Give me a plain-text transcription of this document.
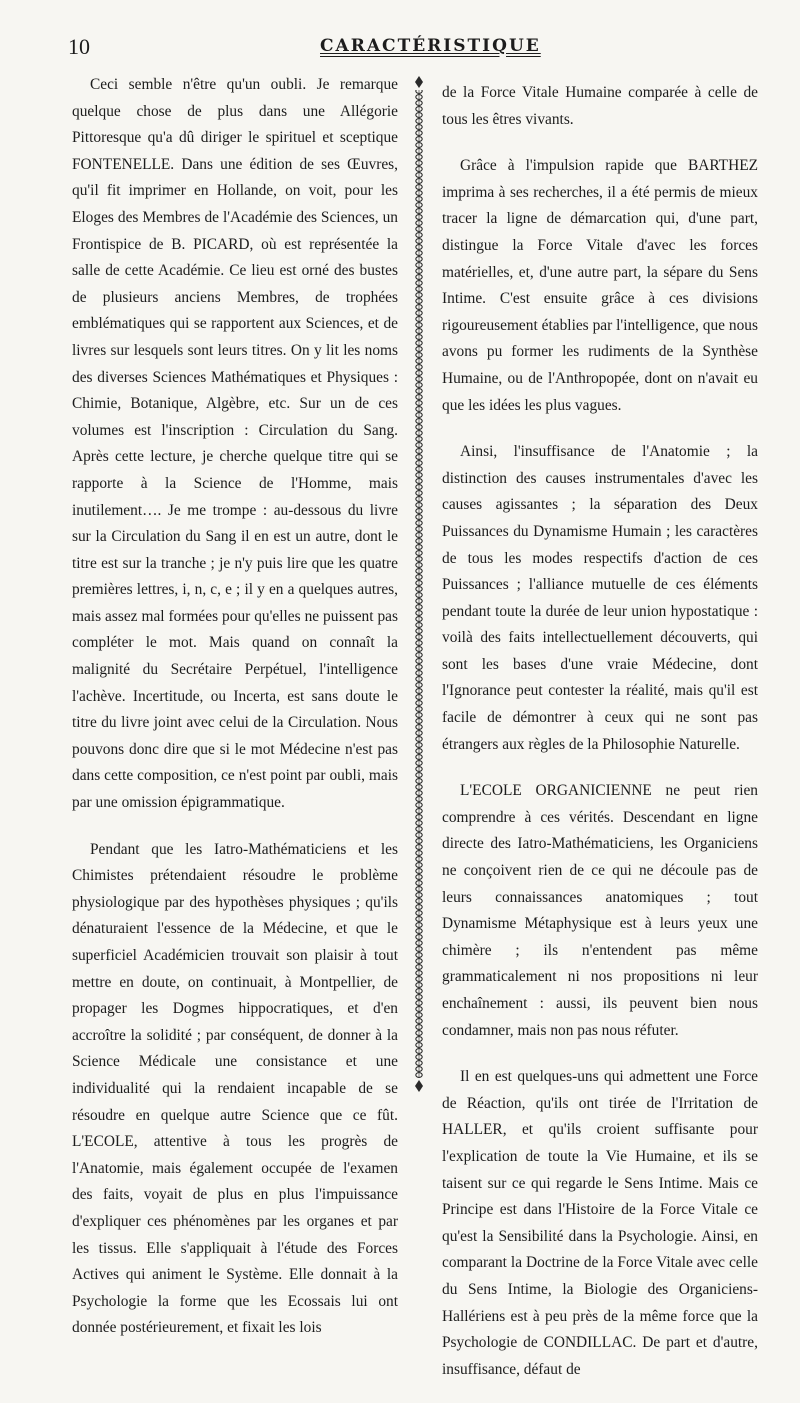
10	CARACTÉRISTIQUE

Ceci semble n'être qu'un oubli. Je remarque quelque chose de plus dans une Allégorie Pittoresque qu'a dû diriger le spirituel et sceptique FONTENELLE. Dans une édition de ses Œuvres, qu'il fit imprimer en Hollande, on voit, pour les Eloges des Membres de l'Académie des Sciences, un Frontispice de B. PICARD, où est représentée la salle de cette Académie. Ce lieu est orné des bustes de plusieurs anciens Membres, de trophées emblématiques qui se rapportent aux Sciences, et de livres sur lesquels sont leurs titres. On y lit les noms des diverses Sciences Mathématiques et Physiques : Chimie, Botanique, Algèbre, etc. Sur un de ces volumes est l'inscription : Circulation du Sang. Après cette lecture, je cherche quelque titre qui se rapporte à la Science de l'Homme, mais inutilement…. Je me trompe : au-dessous du livre sur la Circulation du Sang il en est un autre, dont le titre est sur la tranche ; je n'y puis lire que les quatre premières lettres, i, n, c, e ; il y en a quelques autres, mais assez mal formées pour qu'elles ne puissent pas compléter le mot. Mais quand on connaît la malignité du Secrétaire Perpétuel, l'intelligence l'achève. Incertitude, ou Incerta, est sans doute le titre du livre joint avec celui de la Circulation. Nous pouvons donc dire que si le mot Médecine n'est pas dans cette composition, ce n'est point par oubli, mais par une omission épigrammatique.

Pendant que les Iatro-Mathématiciens et les Chimistes prétendaient résoudre le problème physiologique par des hypothèses physiques ; qu'ils dénaturaient l'essence de la Médecine, et que le superficiel Académicien trouvait son plaisir à tout mettre en doute, on continuait, à Montpellier, de propager les Dogmes hippocratiques, et d'en accroître la solidité ; par conséquent, de donner à la Science Médicale une consistance et une individualité qui la rendaient incapable de se résoudre en quelque autre Science que ce fût. L'ECOLE, attentive à tous les progrès de l'Anatomie, mais également occupée de l'examen des faits, voyait de plus en plus l'impuissance d'expliquer ces phénomènes par les organes et par les tissus. Elle s'appliquait à l'étude des Forces Actives qui animent le Système. Elle donnait à la Psychologie la forme que les Ecossais lui ont donnée postérieurement, et fixait les lois

de la Force Vitale Humaine comparée à celle de tous les êtres vivants.

Grâce à l'impulsion rapide que BARTHEZ imprima à ses recherches, il a été permis de mieux tracer la ligne de démarcation qui, d'une part, distingue la Force Vitale d'avec les forces matérielles, et, d'une autre part, la sépare du Sens Intime. C'est ensuite grâce à ces divisions rigoureusement établies par l'intelligence, que nous avons pu former les rudiments de la Synthèse Humaine, ou de l'Anthropopée, dont on n'avait eu que les idées les plus vagues.

Ainsi, l'insuffisance de l'Anatomie ; la distinction des causes instrumentales d'avec les causes agissantes ; la séparation des Deux Puissances du Dynamisme Humain ; les caractères de tous les modes respectifs d'action de ces Puissances ; l'alliance mutuelle de ces éléments pendant toute la durée de leur union hypostatique : voilà des faits intellectuellement découverts, qui sont les bases d'une vraie Médecine, dont l'Ignorance peut contester la réalité, mais qu'il est facile de démontrer à ceux qui ne sont pas étrangers aux règles de la Philosophie Naturelle.

L'ECOLE ORGANICIENNE ne peut rien comprendre à ces vérités. Descendant en ligne directe des Iatro-Mathématiciens, les Organiciens ne conçoivent rien de ce qui ne découle pas de leurs connaissances anatomiques ; tout Dynamisme Métaphysique est à leurs yeux une chimère ; ils n'entendent pas même grammaticalement ni nos propositions ni leur enchaînement : aussi, ils peuvent bien nous condamner, mais non pas nous réfuter.

Il en est quelques-uns qui admettent une Force de Réaction, qu'ils ont tirée de l'Irritation de HALLER, et qu'ils croient suffisante pour l'explication de toute la Vie Humaine, et ils se taisent sur ce qui regarde le Sens Intime. Mais ce Principe est dans l'Histoire de la Force Vitale ce qu'est la Sensibilité dans la Psychologie. Ainsi, en comparant la Doctrine de la Force Vitale avec celle du Sens Intime, la Biologie des Organiciens-Hallériens est à peu près de la même force que la Psychologie de CONDILLAC. De part et d'autre, insuffisance, défaut de
